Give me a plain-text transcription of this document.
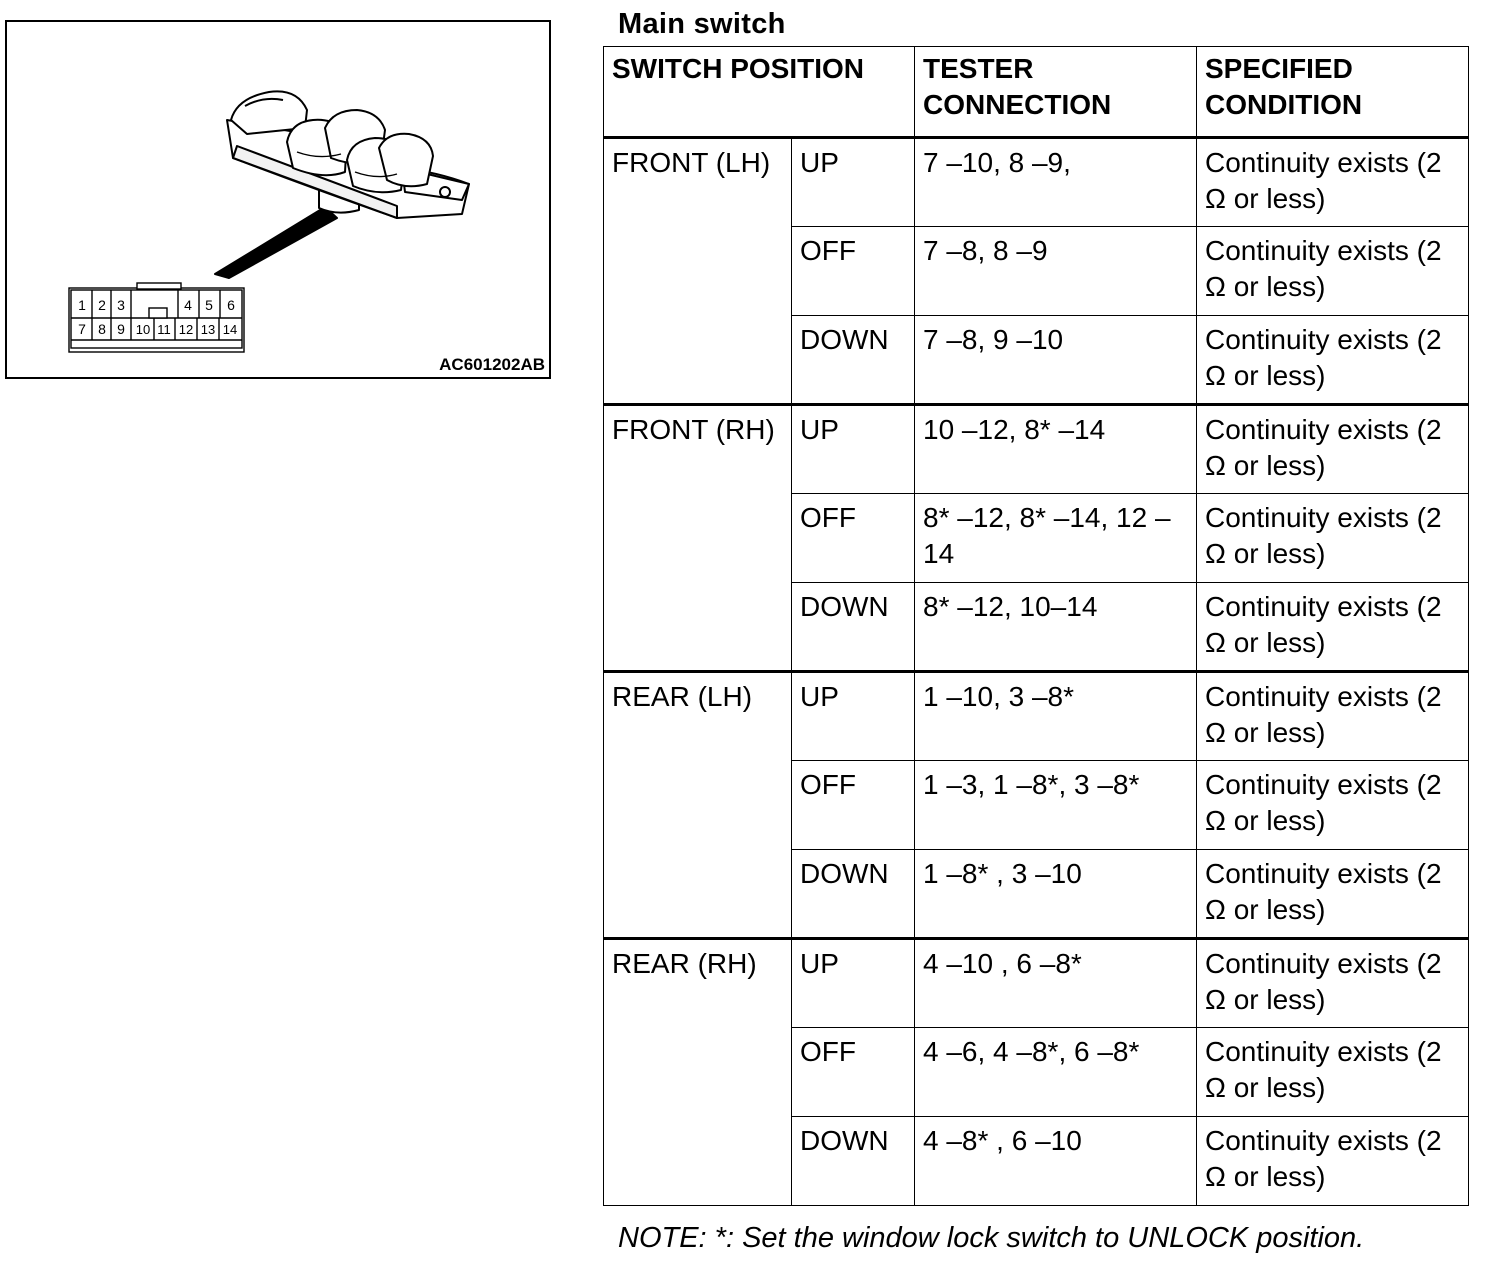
1 2 3	4 5 6
7 8 9 10 11 12 13 14
AC601202AB
Main switch
SWITCH POSITION		TESTER CONNECTION	SPECIFIED CONDITION
FRONT (LH)	UP	7 –10, 8 –9,	Continuity exists (2 Ω or less)
	OFF	7 –8, 8 –9	Continuity exists (2 Ω or less)
	DOWN	7 –8, 9 –10	Continuity exists (2 Ω or less)
FRONT (RH)	UP	10 –12, 8* –14	Continuity exists (2 Ω or less)
	OFF	8* –12, 8* –14, 12 –14	Continuity exists (2 Ω or less)
	DOWN	8* –12, 10–14	Continuity exists (2 Ω or less)
REAR (LH)	UP	1 –10, 3 –8*	Continuity exists (2 Ω or less)
	OFF	1 –3, 1 –8*, 3 –8*	Continuity exists (2 Ω or less)
	DOWN	1 –8* , 3 –10	Continuity exists (2 Ω or less)
REAR (RH)	UP	4 –10 , 6 –8*	Continuity exists (2 Ω or less)
	OFF	4 –6, 4 –8*, 6 –8*	Continuity exists (2 Ω or less)
	DOWN	4 –8* , 6 –10	Continuity exists (2 Ω or less)
NOTE: *: Set the window lock switch to UNLOCK position.
